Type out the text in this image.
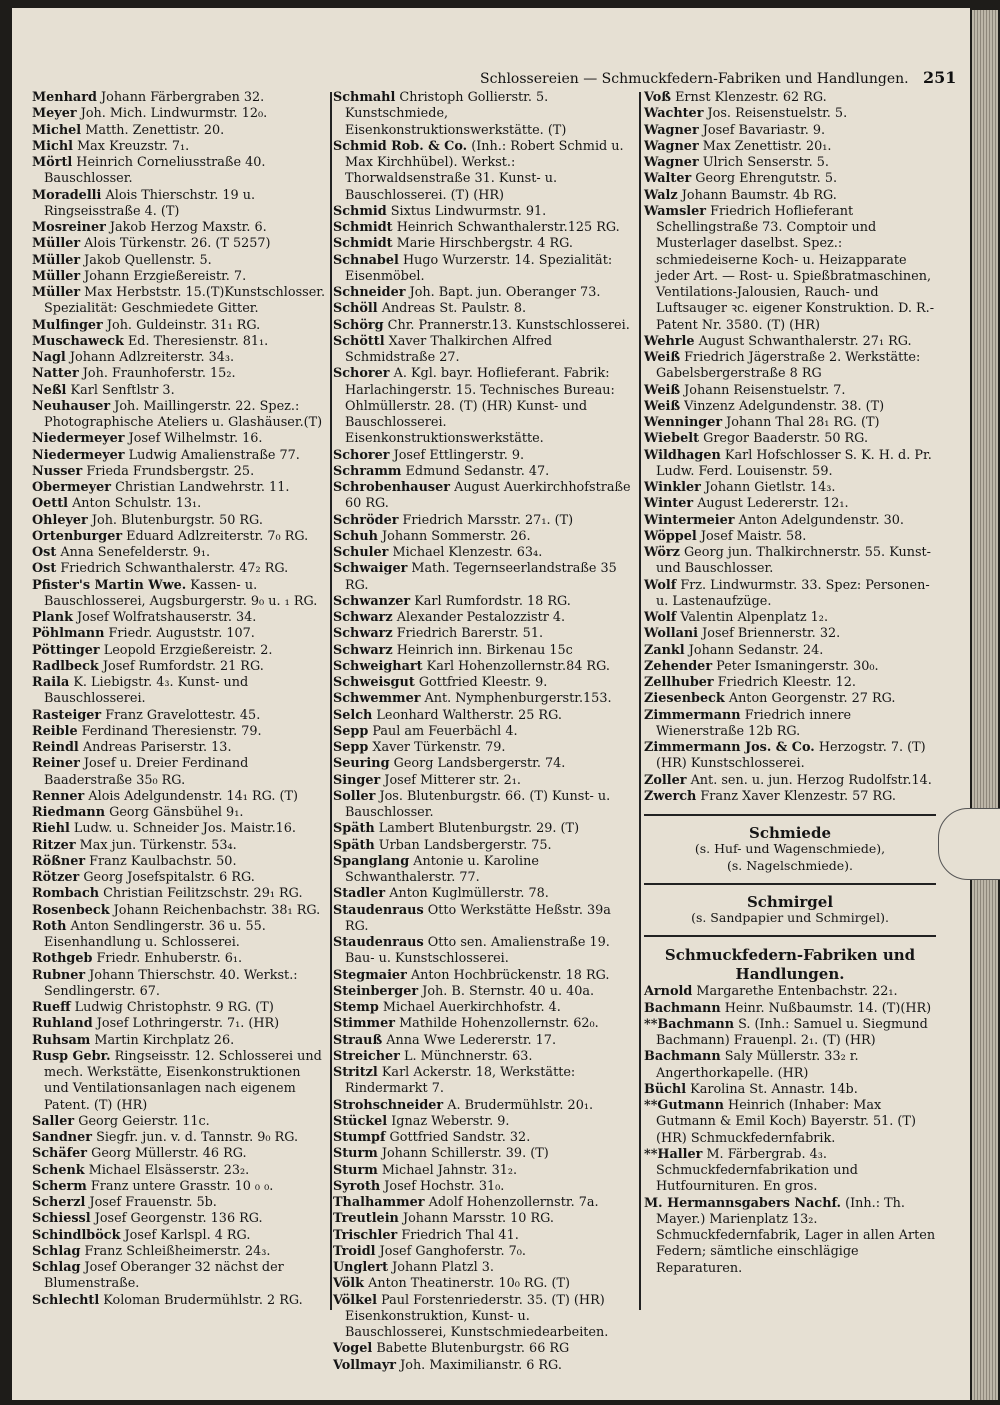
Schlossereien — Schmuckfedern-Fabriken und Handlungen. 251
Menhard Johann Färbergraben 32.
Meyer Joh. Mich. Lindwurmstr. 12₀.
Michel Matth. Zenettistr. 20.
Michl Max Kreuzstr. 7₁.
Mörtl Heinrich Corneliusstraße 40. Bauschlosser.
Moradelli Alois Thierschstr. 19 u. Ringseisstraße 4. (T)
Mosreiner Jakob Herzog Maxstr. 6.
Müller Alois Türkenstr. 26. (T 5257)
Müller Jakob Quellenstr. 5.
Müller Johann Erzgießereistr. 7.
Müller Max Herbststr. 15.(T)Kunstschlosser. Spezialität: Geschmiedete Gitter.
Mulfinger Joh. Guldeinstr. 31₁ RG.
Muschaweck Ed. Theresienstr. 81₁.
Nagl Johann Adlzreiterstr. 34₃.
Natter Joh. Fraunhoferstr. 15₂.
Neßl Karl Senftlstr 3.
Neuhauser Joh. Maillingerstr. 22. Spez.: Photographische Ateliers u. Glashäuser.(T)
Niedermeyer Josef Wilhelmstr. 16.
Niedermeyer Ludwig Amalienstraße 77.
Nusser Frieda Frundsbergstr. 25.
Obermeyer Christian Landwehrstr. 11.
Oettl Anton Schulstr. 13₁.
Ohleyer Joh. Blutenburgstr. 50 RG.
Ortenburger Eduard Adlzreiterstr. 7₀ RG.
Ost Anna Senefelderstr. 9₁.
Ost Friedrich Schwanthalerstr. 47₂ RG.
Pfister's Martin Wwe. Kassen- u. Bauschlosserei, Augsburgerstr. 9₀ u. ₁ RG.
Plank Josef Wolfratshauserstr. 34.
Pöhlmann Friedr. Auguststr. 107.
Pöttinger Leopold Erzgießereistr. 2.
Radlbeck Josef Rumfordstr. 21 RG.
Raila K. Liebigstr. 4₃. Kunst- und Bauschlosserei.
Rasteiger Franz Gravelottestr. 45.
Reible Ferdinand Theresienstr. 79.
Reindl Andreas Pariserstr. 13.
Reiner Josef u. Dreier Ferdinand Baaderstraße 35₀ RG.
Renner Alois Adelgundenstr. 14₁ RG. (T)
Riedmann Georg Gänsbühel 9₁.
Riehl Ludw. u. Schneider Jos. Maistr.16.
Ritzer Max jun. Türkenstr. 53₄.
Rößner Franz Kaulbachstr. 50.
Rötzer Georg Josefspitalstr. 6 RG.
Rombach Christian Feilitzschstr. 29₁ RG.
Rosenbeck Johann Reichenbachstr. 38₁ RG.
Roth Anton Sendlingerstr. 36 u. 55. Eisenhandlung u. Schlosserei.
Rothgeb Friedr. Enhuberstr. 6₁.
Rubner Johann Thierschstr. 40. Werkst.: Sendlingerstr. 67.
Rueff Ludwig Christophstr. 9 RG. (T)
Ruhland Josef Lothringerstr. 7₁. (HR)
Ruhsam Martin Kirchplatz 26.
Rusp Gebr. Ringseisstr. 12. Schlosserei und mech. Werkstätte, Eisenkonstruktionen und Ventilationsanlagen nach eigenem Patent. (T) (HR)
Saller Georg Geierstr. 11c.
Sandner Siegfr. jun. v. d. Tannstr. 9₀ RG.
Schäfer Georg Müllerstr. 46 RG.
Schenk Michael Elsässerstr. 23₂.
Scherm Franz untere Grasstr. 10 ₀ ₀.
Scherzl Josef Frauenstr. 5b.
Schiessl Josef Georgenstr. 136 RG.
Schindlböck Josef Karlspl. 4 RG.
Schlag Franz Schleißheimerstr. 24₃.
Schlag Josef Oberanger 32 nächst der Blumenstraße.
Schlechtl Koloman Brudermühlstr. 2 RG.
Schmahl Christoph Gollierstr. 5. Kunstschmiede, Eisenkonstruktionswerkstätte. (T)
Schmid Rob. & Co. (Inh.: Robert Schmid u. Max Kirchhübel). Werkst.: Thorwaldsenstraße 31. Kunst- u. Bauschlosserei. (T) (HR)
Schmid Sixtus Lindwurmstr. 91.
Schmidt Heinrich Schwanthalerstr.125 RG.
Schmidt Marie Hirschbergstr. 4 RG.
Schnabel Hugo Wurzerstr. 14. Spezialität: Eisenmöbel.
Schneider Joh. Bapt. jun. Oberanger 73.
Schöll Andreas St. Paulstr. 8.
Schörg Chr. Prannerstr.13. Kunstschlosserei.
Schöttl Xaver Thalkirchen Alfred Schmidstraße 27.
Schorer A. Kgl. bayr. Hoflieferant. Fabrik: Harlachingerstr. 15. Technisches Bureau: Ohlmüllerstr. 28. (T) (HR) Kunst- und Bauschlosserei. Eisenkonstruktionswerkstätte.
Schorer Josef Ettlingerstr. 9.
Schramm Edmund Sedanstr. 47.
Schrobenhauser August Auerkirchhofstraße 60 RG.
Schröder Friedrich Marsstr. 27₁. (T)
Schuh Johann Sommerstr. 26.
Schuler Michael Klenzestr. 63₄.
Schwaiger Math. Tegernseerlandstraße 35 RG.
Schwanzer Karl Rumfordstr. 18 RG.
Schwarz Alexander Pestalozzistr 4.
Schwarz Friedrich Barerstr. 51.
Schwarz Heinrich inn. Birkenau 15c
Schweighart Karl Hohenzollernstr.84 RG.
Schweisgut Gottfried Kleestr. 9.
Schwemmer Ant. Nymphenburgerstr.153.
Selch Leonhard Waltherstr. 25 RG.
Sepp Paul am Feuerbächl 4.
Sepp Xaver Türkenstr. 79.
Seuring Georg Landsbergerstr. 74.
Singer Josef Mitterer str. 2₁.
Soller Jos. Blutenburgstr. 66. (T) Kunst- u. Bauschlosser.
Späth Lambert Blutenburgstr. 29. (T)
Späth Urban Landsbergerstr. 75.
Spanglang Antonie u. Karoline Schwanthalerstr. 77.
Stadler Anton Kuglmüllerstr. 78.
Staudenraus Otto Werkstätte Heßstr. 39a RG.
Staudenraus Otto sen. Amalienstraße 19. Bau- u. Kunstschlosserei.
Stegmaier Anton Hochbrückenstr. 18 RG.
Steinberger Joh. B. Sternstr. 40 u. 40a.
Stemp Michael Auerkirchhofstr. 4.
Stimmer Mathilde Hohenzollernstr. 62₀.
Strauß Anna Wwe Ledererstr. 17.
Streicher L. Münchnerstr. 63.
Stritzl Karl Ackerstr. 18, Werkstätte: Rindermarkt 7.
Strohschneider A. Brudermühlstr. 20₁.
Stückel Ignaz Weberstr. 9.
Stumpf Gottfried Sandstr. 32.
Sturm Johann Schillerstr. 39. (T)
Sturm Michael Jahnstr. 31₂.
Syroth Josef Hochstr. 31₀.
Thalhammer Adolf Hohenzollernstr. 7a.
Treutlein Johann Marsstr. 10 RG.
Trischler Friedrich Thal 41.
Troidl Josef Ganghoferstr. 7₀.
Unglert Johann Platzl 3.
Völk Anton Theatinerstr. 10₀ RG. (T)
Völkel Paul Forstenriederstr. 35. (T) (HR) Eisenkonstruktion, Kunst- u. Bauschlosserei, Kunstschmiedearbeiten.
Vogel Babette Blutenburgstr. 66 RG
Vollmayr Joh. Maximilianstr. 6 RG.
Voß Ernst Klenzestr. 62 RG.
Wachter Jos. Reisenstuelstr. 5.
Wagner Josef Bavariastr. 9.
Wagner Max Zenettistr. 20₁.
Wagner Ulrich Senserstr. 5.
Walter Georg Ehrengutstr. 5.
Walz Johann Baumstr. 4b RG.
Wamsler Friedrich Hoflieferant Schellingstraße 73. Comptoir und Musterlager daselbst. Spez.: schmiedeiserne Koch- u. Heizapparate jeder Art. — Rost- u. Spießbratmaschinen, Ventilations-Jalousien, Rauch- und Luftsauger ꝛc. eigener Konstruktion. D. R.-Patent Nr. 3580. (T) (HR)
Wehrle August Schwanthalerstr. 27₁ RG.
Weiß Friedrich Jägerstraße 2. Werkstätte: Gabelsbergerstraße 8 RG
Weiß Johann Reisenstuelstr. 7.
Weiß Vinzenz Adelgundenstr. 38. (T)
Wenninger Johann Thal 28₁ RG. (T)
Wiebelt Gregor Baaderstr. 50 RG.
Wildhagen Karl Hofschlosser S. K. H. d. Pr. Ludw. Ferd. Louisenstr. 59.
Winkler Johann Gietlstr. 14₃.
Winter August Ledererstr. 12₁.
Wintermeier Anton Adelgundenstr. 30.
Wöppel Josef Maistr. 58.
Wörz Georg jun. Thalkirchnerstr. 55. Kunst- und Bauschlosser.
Wolf Frz. Lindwurmstr. 33. Spez: Personen- u. Lastenaufzüge.
Wolf Valentin Alpenplatz 1₂.
Wollani Josef Briennerstr. 32.
Zankl Johann Sedanstr. 24.
Zehender Peter Ismaningerstr. 30₀.
Zellhuber Friedrich Kleestr. 12.
Ziesenbeck Anton Georgenstr. 27 RG.
Zimmermann Friedrich innere Wienerstraße 12b RG.
Zimmermann Jos. & Co. Herzogstr. 7. (T) (HR) Kunstschlosserei.
Zoller Ant. sen. u. jun. Herzog Rudolfstr.14.
Zwerch Franz Xaver Klenzestr. 57 RG.
Schmiede
(s. Huf- und Wagenschmiede),
(s. Nagelschmiede).
Schmirgel
(s. Sandpapier und Schmirgel).
Schmuckfedern-Fabriken und Handlungen.
Arnold Margarethe Entenbachstr. 22₁.
Bachmann Heinr. Nußbaumstr. 14. (T)(HR)
**Bachmann S. (Inh.: Samuel u. Siegmund Bachmann) Frauenpl. 2₁. (T) (HR)
Bachmann Saly Müllerstr. 33₂ r. Angerthorkapelle. (HR)
Büchl Karolina St. Annastr. 14b.
**Gutmann Heinrich (Inhaber: Max Gutmann & Emil Koch) Bayerstr. 51. (T) (HR) Schmuckfedernfabrik.
**Haller M. Färbergrab. 4₃. Schmuckfedernfabrikation und Hutfournituren. En gros.
M. Hermannsgabers Nachf. (Inh.: Th. Mayer.) Marienplatz 13₂. Schmuckfedernfabrik, Lager in allen Arten Federn; sämtliche einschlägige Reparaturen.
